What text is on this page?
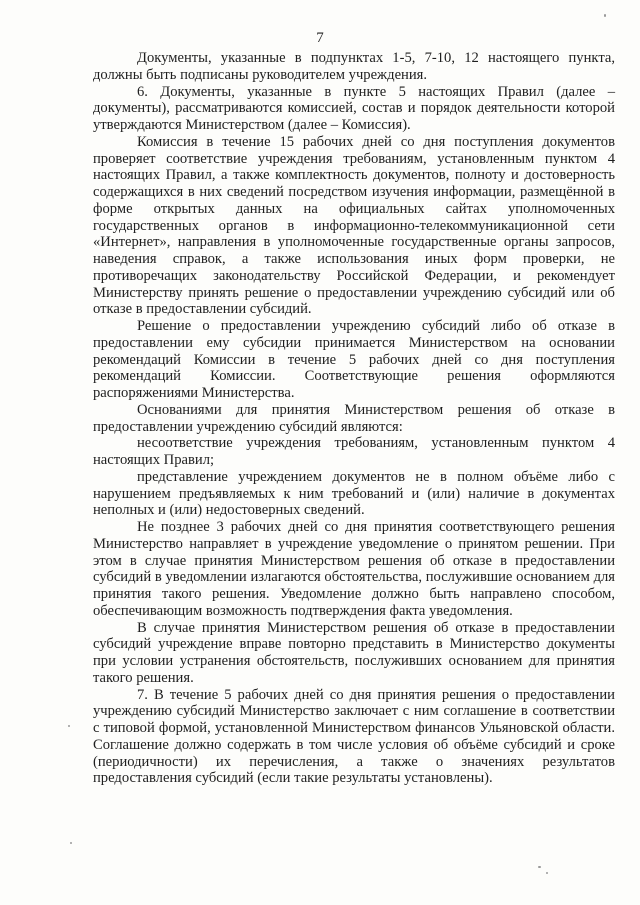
7

Документы, указанные в подпунктах 1-5, 7-10, 12 настоящего пункта, должны быть подписаны руководителем учреждения.

6. Документы, указанные в пункте 5 настоящих Правил (далее – документы), рассматриваются комиссией, состав и порядок деятельности которой утверждаются Министерством (далее – Комиссия).

Комиссия в течение 15 рабочих дней со дня поступления документов проверяет соответствие учреждения требованиям, установленным пунктом 4 настоящих Правил, а также комплектность документов, полноту и достоверность содержащихся в них сведений посредством изучения информации, размещённой в форме открытых данных на официальных сайтах уполномоченных государственных органов в информационно-телекоммуникационной сети «Интернет», направления в уполномоченные государственные органы запросов, наведения справок, а также использования иных форм проверки, не противоречащих законодательству Российской Федерации, и рекомендует Министерству принять решение о предоставлении учреждению субсидий или об отказе в предоставлении субсидий.

Решение о предоставлении учреждению субсидий либо об отказе в предоставлении ему субсидии принимается Министерством на основании рекомендаций Комиссии в течение 5 рабочих дней со дня поступления рекомендаций Комиссии. Соответствующие решения оформляются распоряжениями Министерства.

Основаниями для принятия Министерством решения об отказе в предоставлении учреждению субсидий являются:

несоответствие учреждения требованиям, установленным пунктом 4 настоящих Правил;

представление учреждением документов не в полном объёме либо с нарушением предъявляемых к ним требований и (или) наличие в документах неполных и (или) недостоверных сведений.

Не позднее 3 рабочих дней со дня принятия соответствующего решения Министерство направляет в учреждение уведомление о принятом решении. При этом в случае принятия Министерством решения об отказе в предоставлении субсидий в уведомлении излагаются обстоятельства, послужившие основанием для принятия такого решения. Уведомление должно быть направлено способом, обеспечивающим возможность подтверждения факта уведомления.

В случае принятия Министерством решения об отказе в предоставлении субсидий учреждение вправе повторно представить в Министерство документы при условии устранения обстоятельств, послуживших основанием для принятия такого решения.

7. В течение 5 рабочих дней со дня принятия решения о предоставлении учреждению субсидий Министерство заключает с ним соглашение в соответствии с типовой формой, установленной Министерством финансов Ульяновской области. Соглашение должно содержать в том числе условия об объёме субсидий и сроке (периодичности) их перечисления, а также о значениях результатов предоставления субсидий (если такие результаты установлены).
